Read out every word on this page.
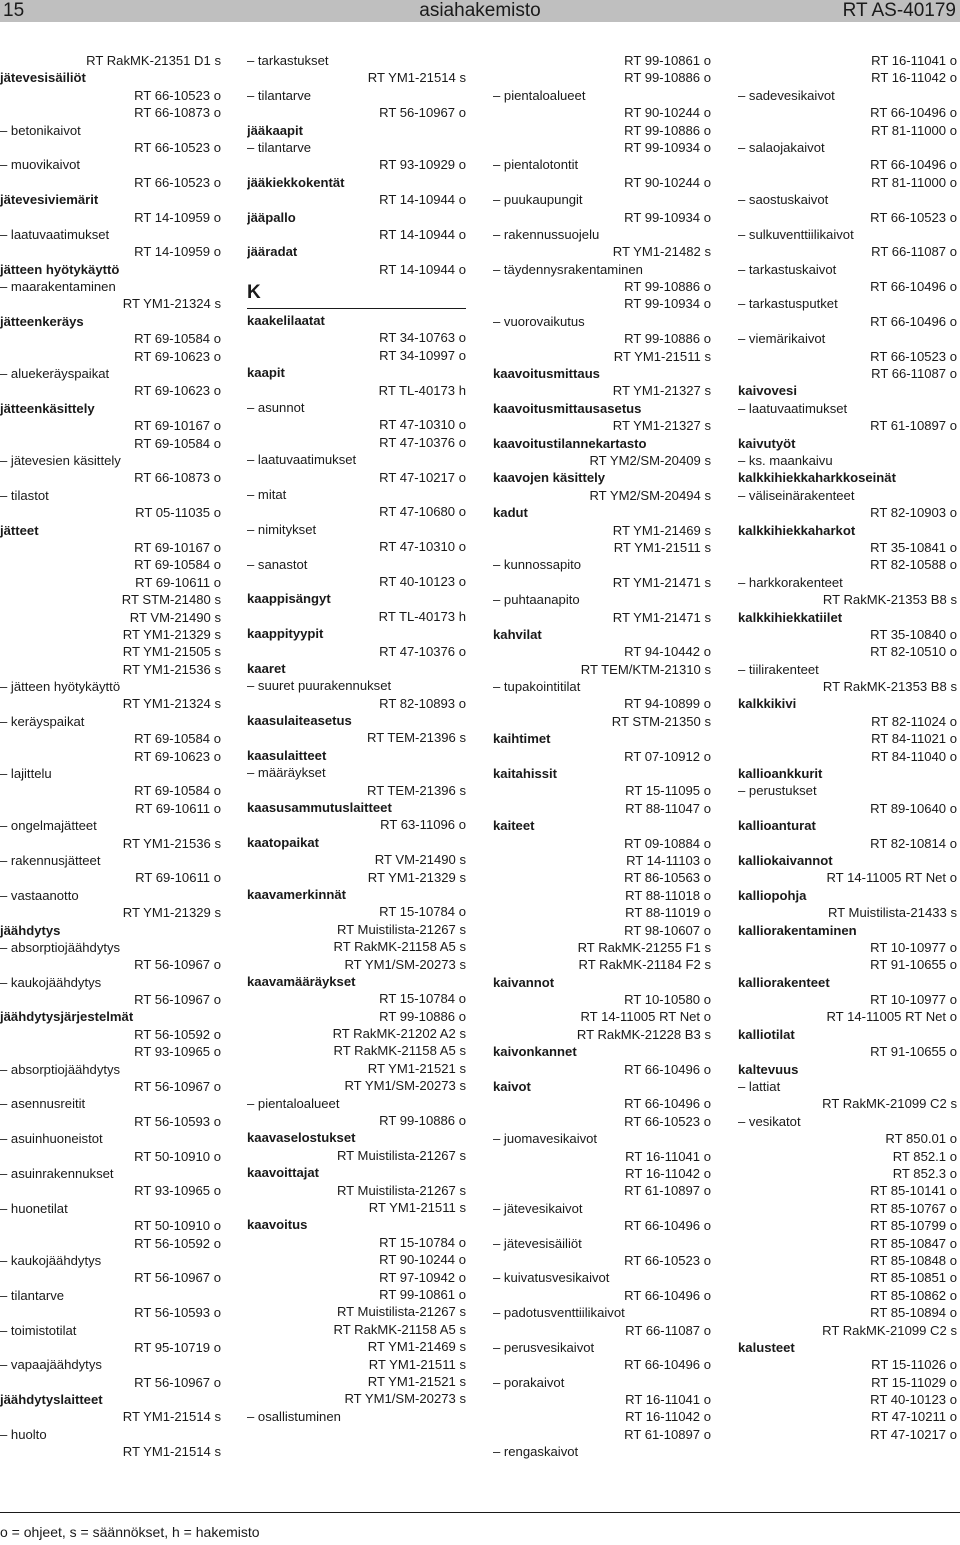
15	asiahakemisto	RT AS-40179
RT RakMK-21351 D1 s
jätevesisäiliöt
RT 66-10523 o
RT 66-10873 o
– betonikaivot
RT 66-10523 o
– muovikaivot
RT 66-10523 o
jätevesiviemärit
RT 14-10959 o
– laatuvaatimukset
RT 14-10959 o
jätteen hyötykäyttö
– maarakentaminen
RT YM1-21324 s
jätteenkeräys
RT 69-10584 o
RT 69-10623 o
– aluekeräyspaikat
RT 69-10623 o
jätteenkäsittely
RT 69-10167 o
RT 69-10584 o
– jätevesien käsittely
RT 66-10873 o
– tilastot
RT 05-11035 o
jätteet
RT 69-10167 o
RT 69-10584 o
RT 69-10611 o
RT STM-21480 s
RT VM-21490 s
RT YM1-21329 s
RT YM1-21505 s
RT YM1-21536 s
– jätteen hyötykäyttö
RT YM1-21324 s
– keräyspaikat
RT 69-10584 o
RT 69-10623 o
– lajittelu
RT 69-10584 o
RT 69-10611 o
– ongelmajätteet
RT YM1-21536 s
– rakennusjätteet
RT 69-10611 o
– vastaanotto
RT YM1-21329 s
jäähdytys
– absorptiojäähdytys
RT 56-10967 o
– kaukojäähdytys
RT 56-10967 o
jäähdytysjärjestelmät
RT 56-10592 o
RT 93-10965 o
– absorptiojäähdytys
RT 56-10967 o
– asennusreitit
RT 56-10593 o
– asuinhuoneistot
RT 50-10910 o
– asuinrakennukset
RT 93-10965 o
– huonetilat
RT 50-10910 o
RT 56-10592 o
– kaukojäähdytys
RT 56-10967 o
– tilantarve
RT 56-10593 o
– toimistotilat
RT 95-10719 o
– vapaajäähdytys
RT 56-10967 o
jäähdytyslaitteet
RT YM1-21514 s
– huolto
RT YM1-21514 s
– tarkastukset
RT YM1-21514 s
– tilantarve
RT 56-10967 o
jääkaapit
– tilantarve
RT 93-10929 o
jääkiekkokentät
RT 14-10944 o
jääpallo
RT 14-10944 o
jääradat
RT 14-10944 o
K
kaakelilaatat
RT 34-10763 o
RT 34-10997 o
kaapit
RT TL-40173 h
– asunnot
RT 47-10310 o
RT 47-10376 o
– laatuvaatimukset
RT 47-10217 o
– mitat
RT 47-10680 o
– nimitykset
RT 47-10310 o
– sanastot
RT 40-10123 o
kaappisängyt
RT TL-40173 h
kaappityypit
RT 47-10376 o
kaaret
– suuret puurakennukset
RT 82-10893 o
kaasulaiteasetus
RT TEM-21396 s
kaasulaitteet
– määräykset
RT TEM-21396 s
kaasusammutuslaitteet
RT 63-11096 o
kaatopaikat
RT VM-21490 s
RT YM1-21329 s
kaavamerkinnät
RT 15-10784 o
RT Muistilista-21267 s
RT RakMK-21158 A5 s
RT YM1/SM-20273 s
kaavamääräykset
RT 15-10784 o
RT 99-10886 o
RT RakMK-21202 A2 s
RT RakMK-21158 A5 s
RT YM1-21521 s
RT YM1/SM-20273 s
– pientaloalueet
RT 99-10886 o
kaavaselostukset
RT Muistilista-21267 s
kaavoittajat
RT Muistilista-21267 s
RT YM1-21511 s
kaavoitus
RT 15-10784 o
RT 90-10244 o
RT 97-10942 o
RT 99-10861 o
RT Muistilista-21267 s
RT RakMK-21158 A5 s
RT YM1-21469 s
RT YM1-21511 s
RT YM1-21521 s
RT YM1/SM-20273 s
– osallistuminen
RT 99-10861 o
RT 99-10886 o
– pientaloalueet
RT 90-10244 o
RT 99-10886 o
RT 99-10934 o
– pientalotontit
RT 90-10244 o
– puukaupungit
RT 99-10934 o
– rakennussuojelu
RT YM1-21482 s
– täydennysrakentaminen
RT 99-10886 o
RT 99-10934 o
– vuorovaikutus
RT 99-10886 o
RT YM1-21511 s
kaavoitusmittaus
RT YM1-21327 s
kaavoitusmittausasetus
RT YM1-21327 s
kaavoitustilannekartasto
RT YM2/SM-20409 s
kaavojen käsittely
RT YM2/SM-20494 s
kadut
RT YM1-21469 s
RT YM1-21511 s
– kunnossapito
RT YM1-21471 s
– puhtaanapito
RT YM1-21471 s
kahvilat
RT 94-10442 o
RT TEM/KTM-21310 s
– tupakointitilat
RT 94-10899 o
RT STM-21350 s
kaihtimet
RT 07-10912 o
kaitahissit
RT 15-11095 o
RT 88-11047 o
kaiteet
RT 09-10884 o
RT 14-11103 o
RT 86-10563 o
RT 88-11018 o
RT 88-11019 o
RT 98-10607 o
RT RakMK-21255 F1 s
RT RakMK-21184 F2 s
kaivannot
RT 10-10580 o
RT 14-11005 RT Net o
RT RakMK-21228 B3 s
kaivonkannet
RT 66-10496 o
kaivot
RT 66-10496 o
RT 66-10523 o
– juomavesikaivot
RT 16-11041 o
RT 16-11042 o
RT 61-10897 o
– jätevesikaivot
RT 66-10496 o
– jätevesisäiliöt
RT 66-10523 o
– kuivatusvesikaivot
RT 66-10496 o
– padotusventtiilikaivot
RT 66-11087 o
– perusvesikaivot
RT 66-10496 o
– porakaivot
RT 16-11041 o
RT 16-11042 o
RT 61-10897 o
– rengaskaivot
RT 16-11041 o
RT 16-11042 o
– sadevesikaivot
RT 66-10496 o
RT 81-11000 o
– salaojakaivot
RT 66-10496 o
RT 81-11000 o
– saostuskaivot
RT 66-10523 o
– sulkuventtiilikaivot
RT 66-11087 o
– tarkastuskaivot
RT 66-10496 o
– tarkastusputket
RT 66-10496 o
– viemärikaivot
RT 66-10523 o
RT 66-11087 o
kaivovesi
– laatuvaatimukset
RT 61-10897 o
kaivutyöt
– ks. maankaivu
kalkkihiekkaharkkoseinät
– väliseinärakenteet
RT 82-10903 o
kalkkihiekkaharkot
RT 35-10841 o
RT 82-10588 o
– harkkorakenteet
RT RakMK-21353 B8 s
kalkkihiekkatiilet
RT 35-10840 o
RT 82-10510 o
– tiilirakenteet
RT RakMK-21353 B8 s
kalkkikivi
RT 82-11024 o
RT 84-11021 o
RT 84-11040 o
kallioankkurit
– perustukset
RT 89-10640 o
kallioanturat
RT 82-10814 o
kalliokaivannot
RT 14-11005 RT Net o
kalliopohja
RT Muistilista-21433 s
kalliorakentaminen
RT 10-10977 o
RT 91-10655 o
kalliorakenteet
RT 10-10977 o
RT 14-11005 RT Net o
kalliotilat
RT 91-10655 o
kaltevuus
– lattiat
RT RakMK-21099 C2 s
– vesikatot
RT 850.01 o
RT 852.1 o
RT 852.3 o
RT 85-10141 o
RT 85-10767 o
RT 85-10799 o
RT 85-10847 o
RT 85-10848 o
RT 85-10851 o
RT 85-10862 o
RT 85-10894 o
RT RakMK-21099 C2 s
kalusteet
RT 15-11026 o
RT 15-11029 o
RT 40-10123 o
RT 47-10211 o
RT 47-10217 o
o = ohjeet, s = säännökset, h = hakemisto
